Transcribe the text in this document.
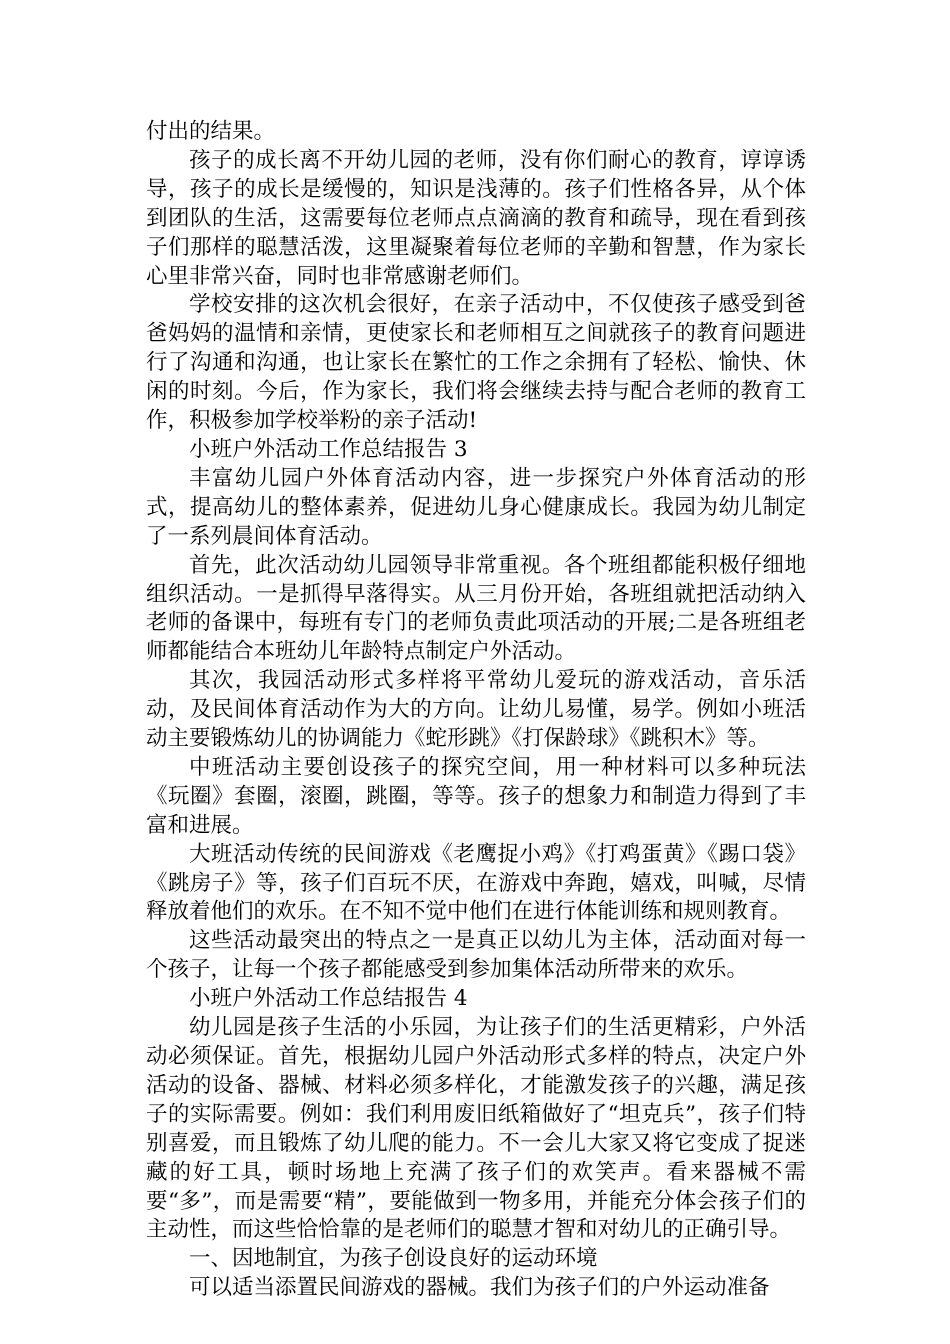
付出的结果。

孩子的成长离不开幼儿园的老师，没有你们耐心的教育，谆谆诱导，孩子的成长是缓慢的，知识是浅薄的。孩子们性格各异，从个体到团队的生活，这需要每位老师点点滴滴的教育和疏导，现在看到孩子们那样的聪慧活泼，这里凝聚着每位老师的辛勤和智慧，作为家长心里非常兴奋，同时也非常感谢老师们。

学校安排的这次机会很好，在亲子活动中，不仅使孩子感受到爸爸妈妈的温情和亲情，更使家长和老师相互之间就孩子的教育问题进行了沟通和沟通，也让家长在繁忙的工作之余拥有了轻松、愉快、休闲的时刻。今后，作为家长，我们将会继续去持与配合老师的教育工作，积极参加学校举粉的亲子活动!

小班户外活动工作总结报告 3

丰富幼儿园户外体育活动内容，进一步探究户外体育活动的形式，提高幼儿的整体素养，促进幼儿身心健康成长。我园为幼儿制定了一系列晨间体育活动。

首先，此次活动幼儿园领导非常重视。各个班组都能积极仔细地组织活动。一是抓得早落得实。从三月份开始，各班组就把活动纳入老师的备课中，每班有专门的老师负责此项活动的开展;二是各班组老师都能结合本班幼儿年龄特点制定户外活动。

其次，我园活动形式多样将平常幼儿爱玩的游戏活动，音乐活动，及民间体育活动作为大的方向。让幼儿易懂，易学。例如小班活动主要锻炼幼儿的协调能力《蛇形跳》《打保龄球》《跳积木》等。

中班活动主要创设孩子的探究空间，用一种材料可以多种玩法《玩圈》套圈，滚圈，跳圈，等等。孩子的想象力和制造力得到了丰富和进展。

大班活动传统的民间游戏《老鹰捉小鸡》《打鸡蛋黄》《踢口袋》《跳房子》等，孩子们百玩不厌，在游戏中奔跑，嬉戏，叫喊，尽情释放着他们的欢乐。在不知不觉中他们在进行体能训练和规则教育。

这些活动最突出的特点之一是真正以幼儿为主体，活动面对每一个孩子，让每一个孩子都能感受到参加集体活动所带来的欢乐。

小班户外活动工作总结报告 4

幼儿园是孩子生活的小乐园，为让孩子们的生活更精彩，户外活动必须保证。首先，根据幼儿园户外活动形式多样的特点，决定户外活动的设备、器械、材料必须多样化，才能激发孩子的兴趣，满足孩子的实际需要。例如：我们利用废旧纸箱做好了“坦克兵”，孩子们特别喜爱，而且锻炼了幼儿爬的能力。不一会儿大家又将它变成了捉迷藏的好工具，顿时场地上充满了孩子们的欢笑声。看来器械不需要“多”，而是需要“精”，要能做到一物多用，并能充分体会孩子们的主动性，而这些恰恰靠的是老师们的聪慧才智和对幼儿的正确引导。

一、因地制宜，为孩子创设良好的运动环境

可以适当添置民间游戏的器械。我们为孩子们的户外运动准备
